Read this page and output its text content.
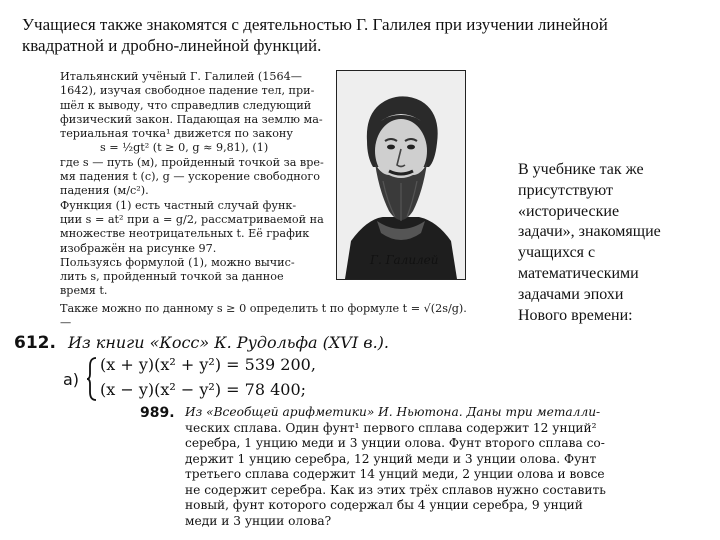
Учащиеся также знакомятся с деятельностью Г. Галилея при изучении линейной
квадратной и дробно-линейной функций.
Итальянский учёный Г. Галилей (1564—
1642), изучая свободное падение тел, при-
шёл к выводу, что справедлив следующий
физический закон. Падающая на землю ма-
териальная точка¹ движется по закону
s = ½gt² (t ≥ 0, g ≈ 9,81), (1)
где s — путь (м), пройденный точкой за вре-
мя падения t (с), g — ускорение свободного
падения (м/с²).
Функция (1) есть частный случай функ-
ции s = at² при a = g/2, рассматриваемой на
множестве неотрицательных t. Её график
изображён на рисунке 97.
Пользуясь формулой (1), можно вычис-
лить s, пройденный точкой за данное
время t.
Также можно по данному s ≥ 0 определить t по формуле t = √(2s/g).
—
Г. Галилей
В учебнике так же
присутствуют
«исторические
задачи», знакомящие
учащихся с
математическими
задачами эпохи
Нового времени:
612. Из книги «Косс» К. Рудольфа (XVI в.).
а)
(x + y)(x² + y²) = 539 200,
(x − y)(x² − y²) = 78 400;
989. Из «Всеобщей арифметики» И. Ньютона. Даны три металли-
ческих сплава. Один фунт¹ первого сплава содержит 12 унций²
серебра, 1 унцию меди и 3 унции олова. Фунт второго сплава со-
держит 1 унцию серебра, 12 унций меди и 3 унции олова. Фунт
третьего сплава содержит 14 унций меди, 2 унции олова и вовсе
не содержит серебра. Как из этих трёх сплавов нужно составить
новый, фунт которого содержал бы 4 унции серебра, 9 унций
меди и 3 унции олова?
